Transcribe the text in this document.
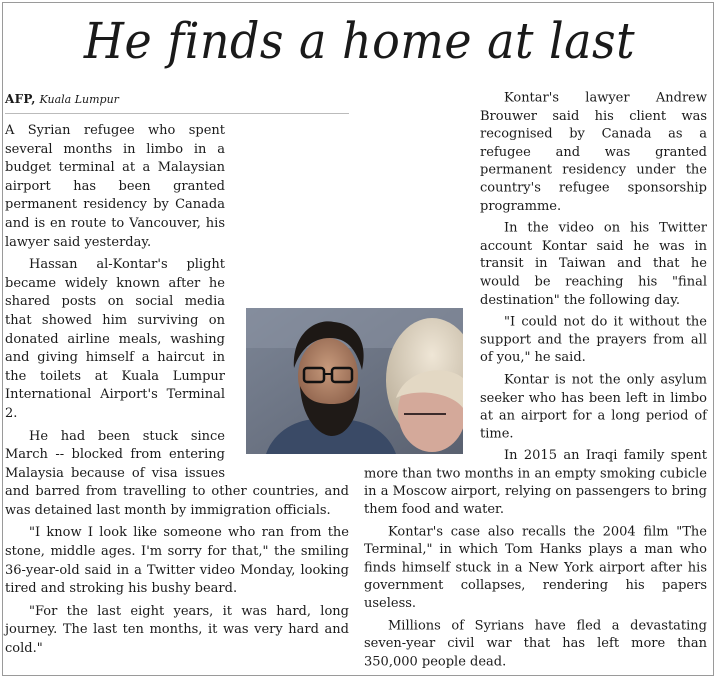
He finds a home at last
AFP, Kuala Lumpur

A Syrian refugee who spent several months in limbo in a budget terminal at a Malaysian airport has been granted permanent residency by Canada and is en route to Vancouver, his lawyer said yesterday.

Hassan al-Kontar's plight became widely known after he shared posts on social media that showed him surviving on donated airline meals, washing and giving himself a haircut in the toilets at Kuala Lumpur International Airport's Terminal 2.

He had been stuck since March -- blocked from entering Malaysia because of visa issues and barred from travelling to other countries, and was detained last month by immigration officials.

"I know I look like someone who ran from the stone, middle ages. I'm sorry for that," the smiling 36-year-old said in a Twitter video Monday, looking tired and stroking his bushy beard.

"For the last eight years, it was hard, long journey. The last ten months, it was very hard and cold."

Kontar's lawyer Andrew Brouwer said his client was recognised by Canada as a refugee and was granted permanent residency under the country's refugee sponsorship programme.

In the video on his Twitter account Kontar said he was in transit in Taiwan and that he would be reaching his "final destination" the following day.

"I could not do it without the support and the prayers from all of you," he said.

Kontar is not the only asylum seeker who has been left in limbo at an airport for a long period of time.

In 2015 an Iraqi family spent more than two months in an empty smoking cubicle in a Moscow airport, relying on passengers to bring them food and water.

Kontar's case also recalls the 2004 film "The Terminal," in which Tom Hanks plays a man who finds himself stuck in a New York airport after his government collapses, rendering his papers useless.

Millions of Syrians have fled a devastating seven-year civil war that has left more than 350,000 people dead.
